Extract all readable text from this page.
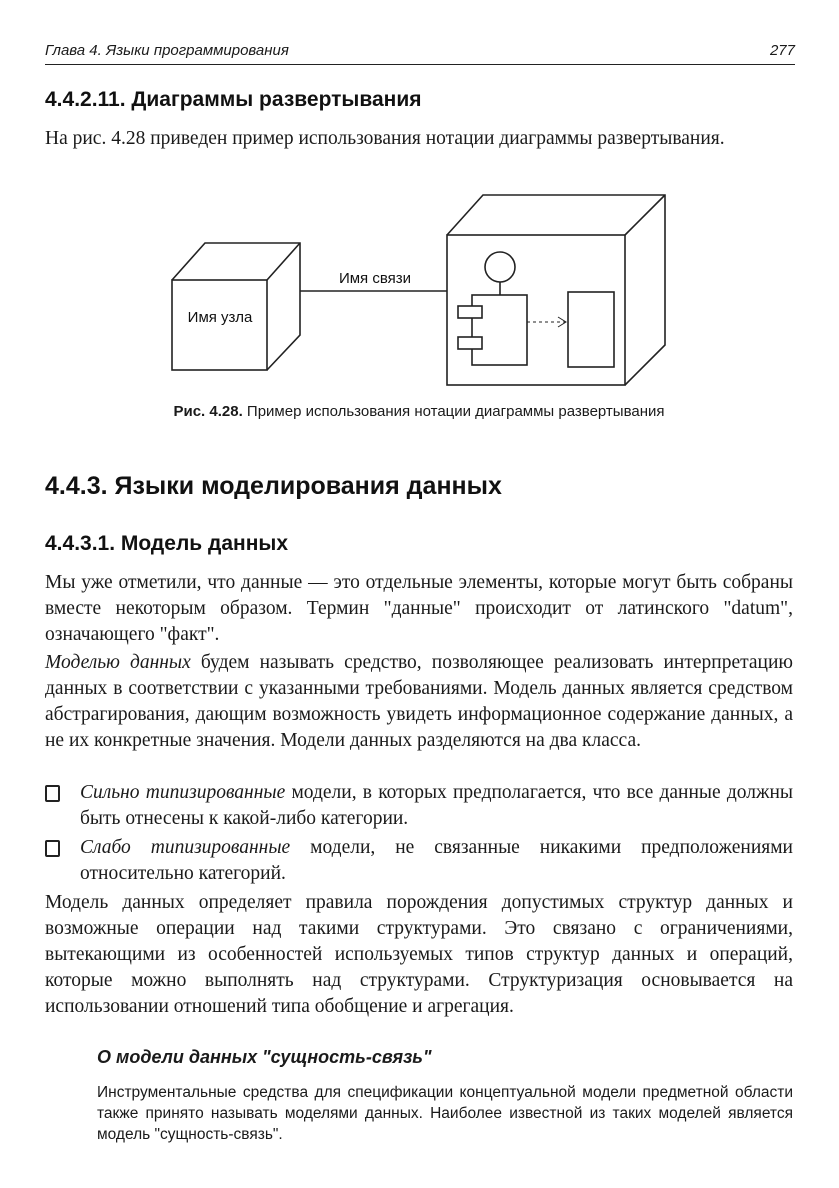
Глава 4. Языки программирования	277
4.4.2.11. Диаграммы развертывания

На рис. 4.28 приведен пример использования нотации диаграммы развертывания.

Имя узла
Имя связи
Рис. 4.28. Пример использования нотации диаграммы развертывания
4.4.3. Языки моделирования данных
4.4.3.1. Модель данных

Мы уже отметили, что данные — это отдельные элементы, которые могут быть собраны вместе некоторым образом. Термин "данные" происходит от латинского "datum", означающего "факт".

Моделью данных будем называть средство, позволяющее реализовать интерпретацию данных в соответствии с указанными требованиями. Модель данных является средством абстрагирования, дающим возможность увидеть информационное содержание данных, а не их конкретные значения. Модели данных разделяются на два класса.

Сильно типизированные модели, в которых предполагается, что все данные должны быть отнесены к какой-либо категории.
Слабо типизированные модели, не связанные никакими предположениями относительно категорий.

Модель данных определяет правила порождения допустимых структур данных и возможные операции над такими структурами. Это связано с ограничениями, вытекающими из особенностей используемых типов структур данных и операций, которые можно выполнять над структурами. Структуризация основывается на использовании отношений типа обобщение и агрегация.

О модели данных "сущность-связь"

Инструментальные средства для спецификации концептуальной модели предметной области также принято называть моделями данных. Наиболее известной из таких моделей является модель "сущность-связь".
